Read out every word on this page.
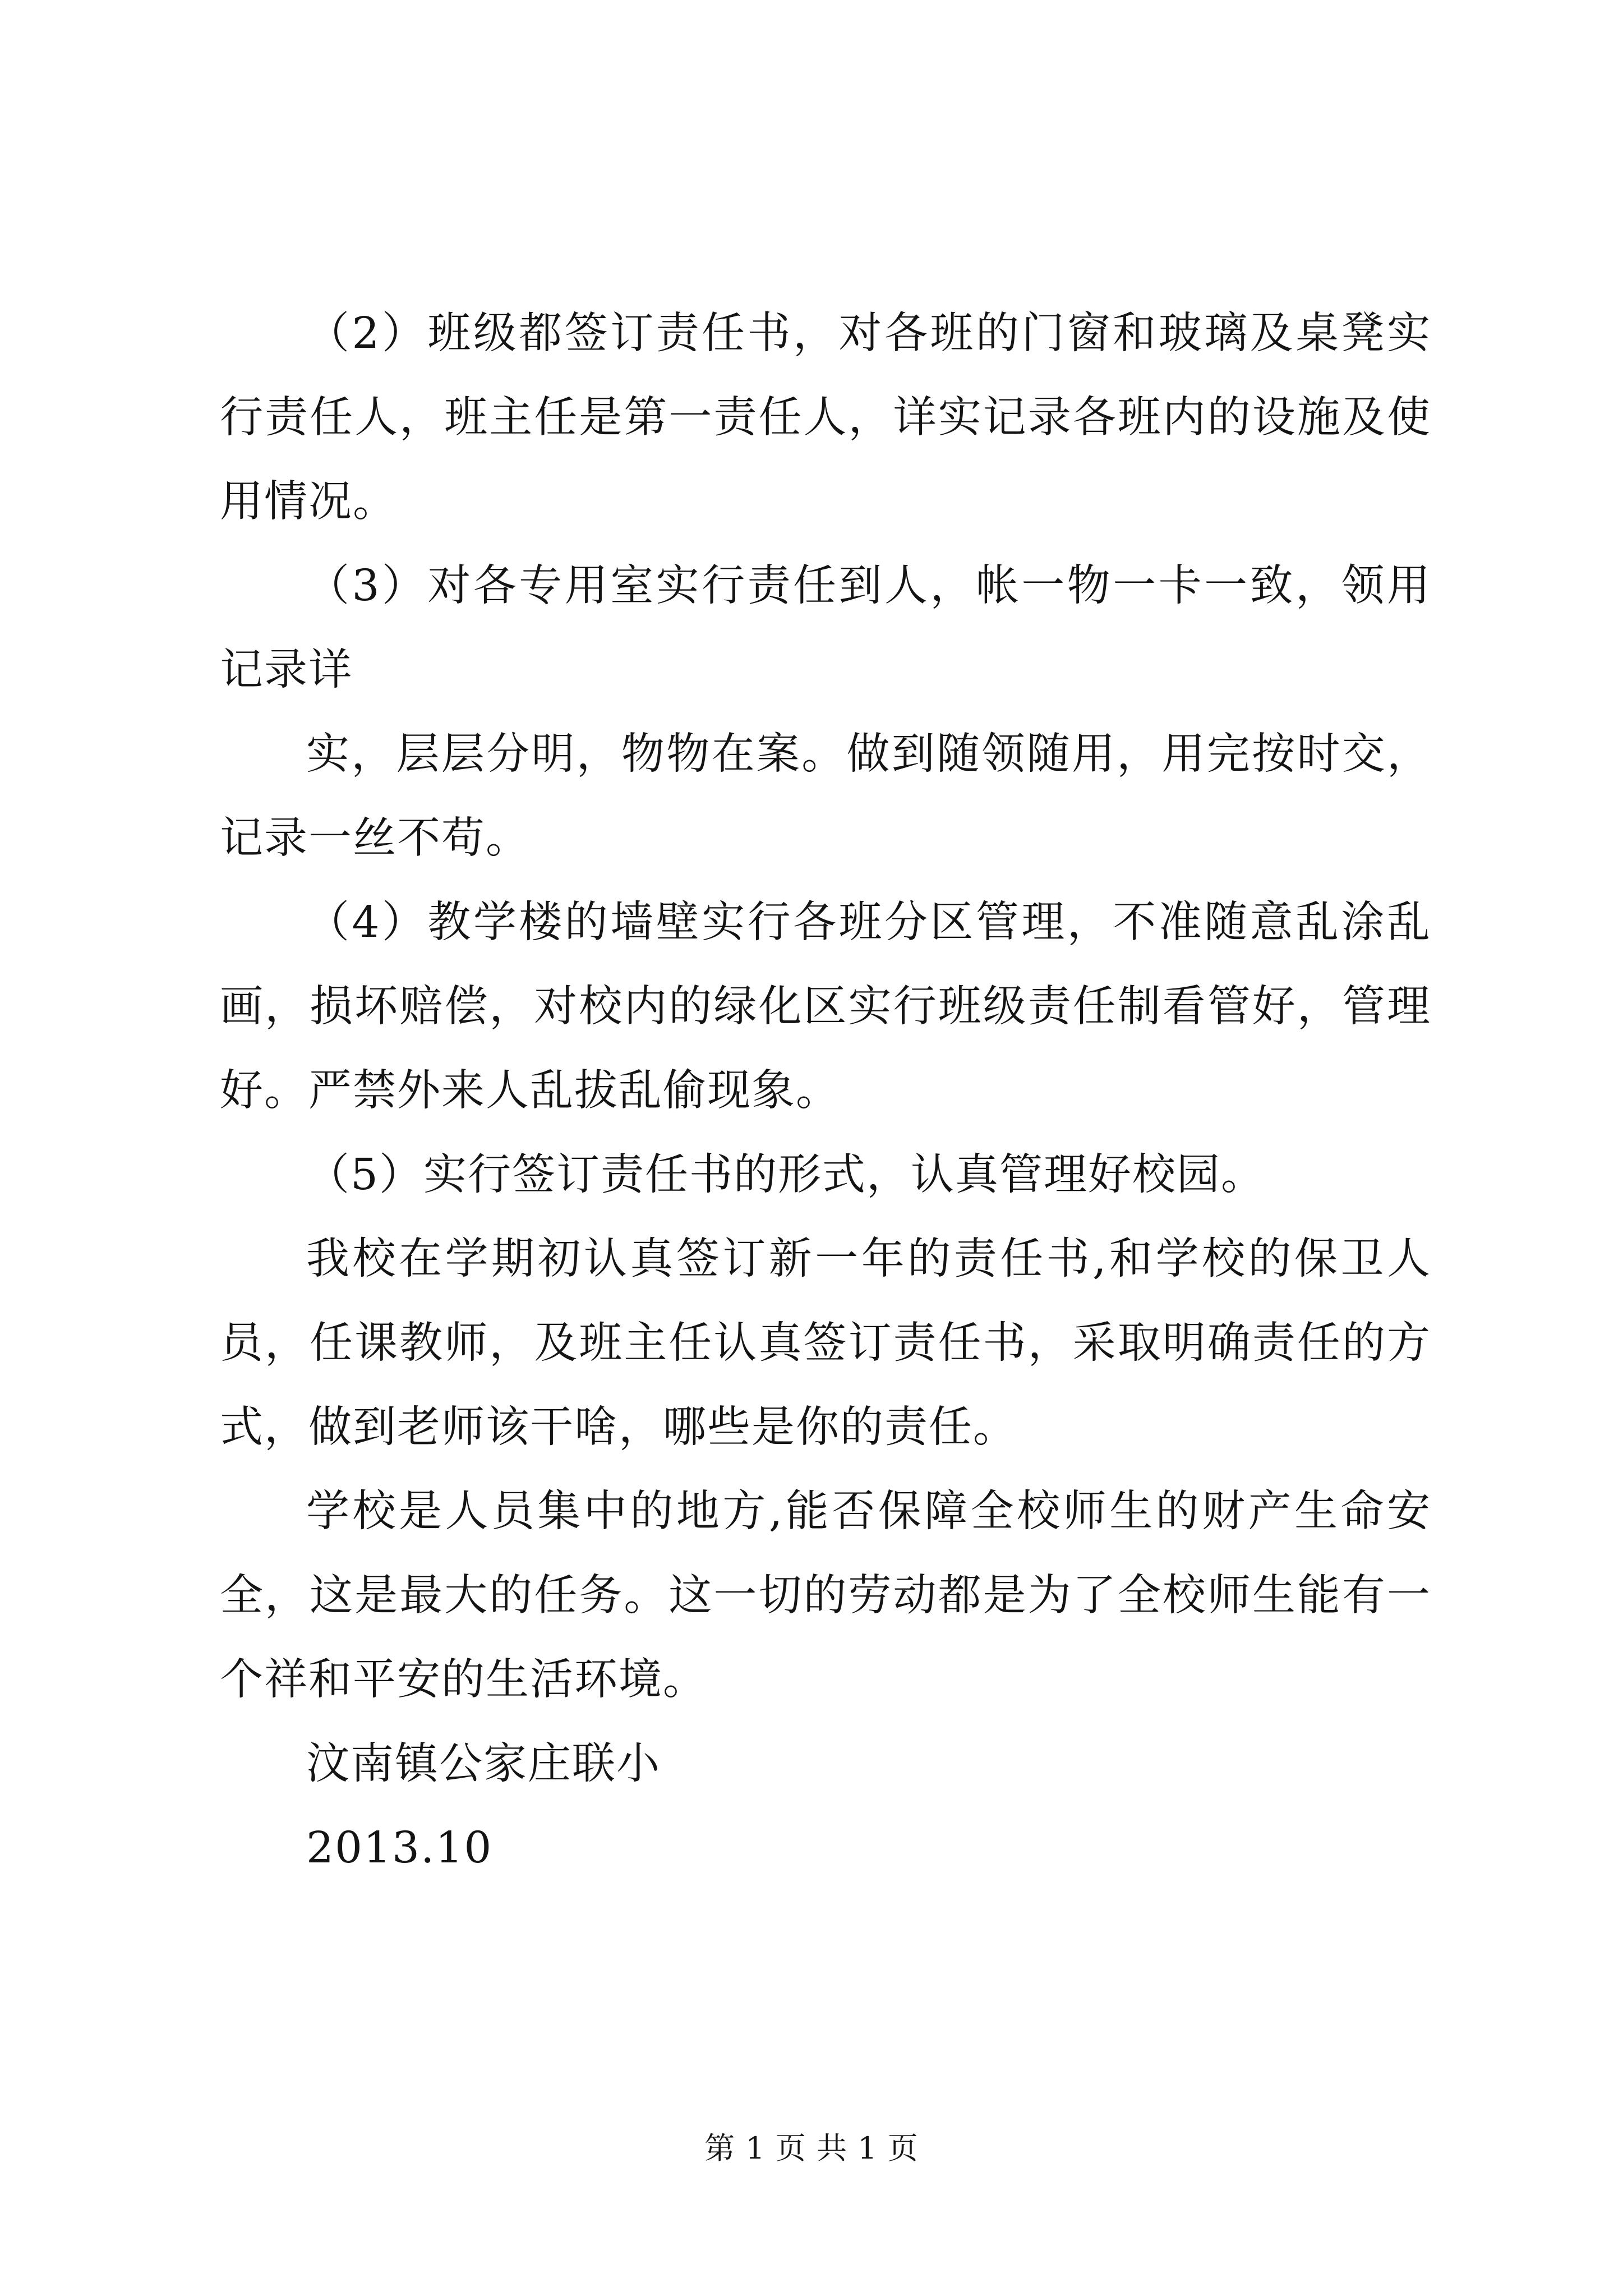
（2）班级都签订责任书，对各班的门窗和玻璃及桌凳实行责任人，班主任是第一责任人，详实记录各班内的设施及使用情况。

（3）对各专用室实行责任到人，帐一物一卡一致，领用记录详

实，层层分明，物物在案。做到随领随用，用完按时交，记录一丝不苟。

（4）教学楼的墙壁实行各班分区管理，不准随意乱涂乱画，损坏赔偿，对校内的绿化区实行班级责任制看管好，管理好。严禁外来人乱拔乱偷现象。

（5）实行签订责任书的形式，认真管理好校园。

我校在学期初认真签订新一年的责任书,和学校的保卫人员，任课教师，及班主任认真签订责任书，采取明确责任的方式，做到老师该干啥，哪些是你的责任。

学校是人员集中的地方,能否保障全校师生的财产生命安全，这是最大的任务。这一切的劳动都是为了全校师生能有一个祥和平安的生活环境。

汶南镇公家庄联小

2013.10

第 1 页 共 1 页
